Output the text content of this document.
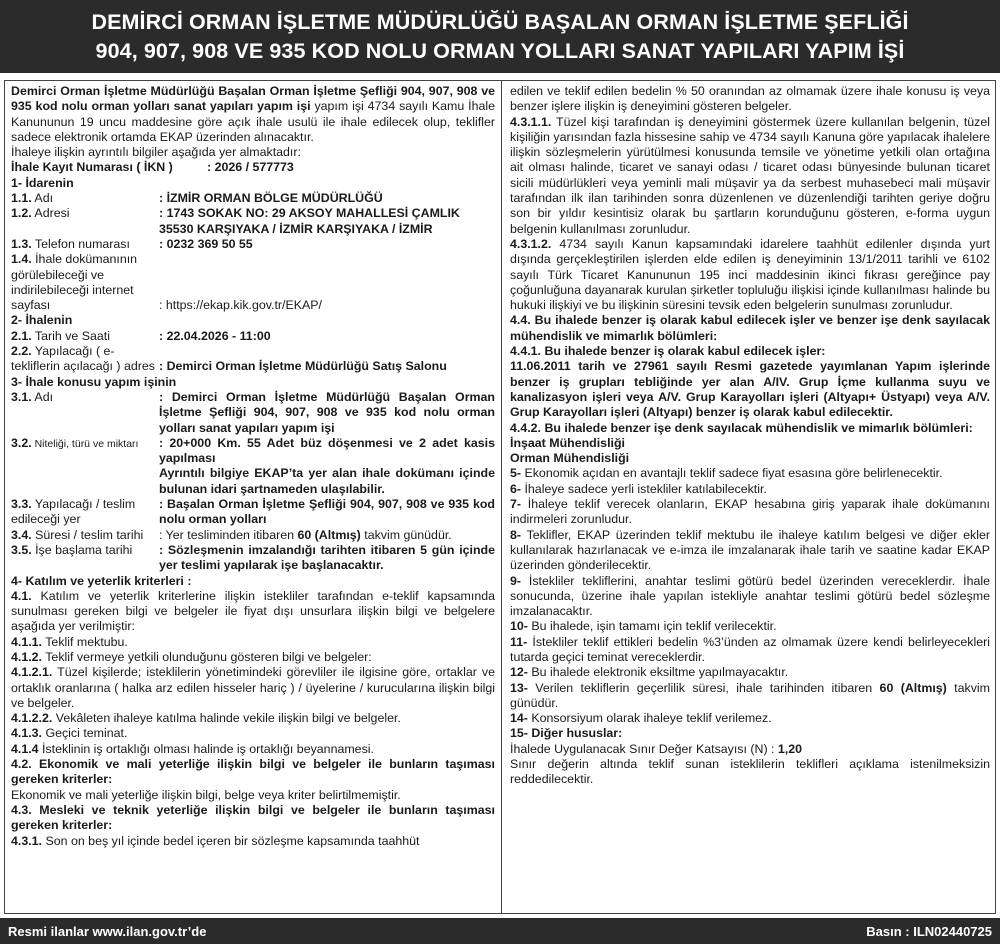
DEMİRCİ ORMAN İŞLETME MÜDÜRLÜĞÜ BAŞALAN ORMAN İŞLETME ŞEFLİĞİ
904, 907, 908 VE 935 KOD NOLU ORMAN YOLLARI SANAT YAPILARI YAPIM İŞİ

Demirci Orman İşletme Müdürlüğü Başalan Orman İşletme Şefliği 904, 907, 908 ve 935 kod nolu orman yolları sanat yapıları yapım işi yapım işi 4734 sayılı Kamu İhale Kanununun 19 uncu maddesine göre açık ihale usulü ile ihale edilecek olup, teklifler sadece elektronik ortamda EKAP üzerinden alınacaktır.

İhaleye ilişkin ayrıntılı bilgiler aşağıda yer almaktadır:

İhale Kayıt Numarası ( İKN )	: 2026 / 577773

1- İdarenin

1.1. Adı	: İZMİR ORMAN BÖLGE MÜDÜRLÜĞÜ
1.2. Adresi	: 1743 SOKAK NO: 29 AKSOY MAHALLESİ ÇAMLIK 35530 KARŞIYAKA / İZMİR KARŞIYAKA / İZMİR
1.3. Telefon numarası	: 0232 369 50 55
1.4. İhale dokümanının görülebileceği ve indirilebileceği internet sayfası	: https://ekap.kik.gov.tr/EKAP/

2- İhalenin

2.1. Tarih ve Saati	: 22.04.2026 - 11:00
2.2. Yapılacağı ( e-tekliflerin açılacağı ) adres : Demirci Orman İşletme Müdürlüğü Satış Salonu

3- İhale konusu yapım işinin

3.1. Adı	: Demirci Orman İşletme Müdürlüğü Başalan Orman İşletme Şefliği 904, 907, 908 ve 935 kod nolu orman yolları sanat yapıları yapım işi
3.2. Niteliği, türü ve miktarı	: 20+000 Km. 55 Adet büz döşenmesi ve 2 adet kasis yapılması
Ayrıntılı bilgiye EKAP’ta yer alan ihale dokümanı içinde bulunan idari şartnameden ulaşılabilir.
3.3. Yapılacağı / teslim edileceği yer
: Başalan Orman İşletme Şefliği 904, 907, 908 ve 935 kod nolu orman yolları
3.4. Süresi / teslim tarihi	: Yer tesliminden itibaren 60 (Altmış) takvim günüdür.
3.5. İşe başlama tarihi	: Sözleşmenin imzalandığı tarihten itibaren 5 gün içinde yer teslimi yapılarak işe başlanacaktır.

4- Katılım ve yeterlik kriterleri :

4.1. Katılım ve yeterlik kriterlerine ilişkin istekliler tarafından e-teklif kapsamında sunulması gereken bilgi ve belgeler ile fiyat dışı unsurlara ilişkin bilgi ve belgelere aşağıda yer verilmiştir:

4.1.1. Teklif mektubu.

4.1.2. Teklif vermeye yetkili olunduğunu gösteren bilgi ve belgeler:

4.1.2.1. Tüzel kişilerde; isteklilerin yönetimindeki görevliler ile ilgisine göre, ortaklar ve ortaklık oranlarına ( halka arz edilen hisseler hariç ) / üyelerine / kurucularına ilişkin bilgi ve belgeler.

4.1.2.2. Vekâleten ihaleye katılma halinde vekile ilişkin bilgi ve belgeler.

4.1.3. Geçici teminat.

4.1.4 İsteklinin iş ortaklığı olması halinde iş ortaklığı beyannamesi.

4.2. Ekonomik ve mali yeterliğe ilişkin bilgi ve belgeler ile bunların taşıması gereken kriterler:

Ekonomik ve mali yeterliğe ilişkin bilgi, belge veya kriter belirtilmemiştir.

4.3. Mesleki ve teknik yeterliğe ilişkin bilgi ve belgeler ile bunların taşıması gereken kriterler:

4.3.1. Son on beş yıl içinde bedel içeren bir sözleşme kapsamında taahhüt

edilen ve teklif edilen bedelin % 50 oranından az olmamak üzere ihale konusu iş veya benzer işlere ilişkin iş deneyimini gösteren belgeler.

4.3.1.1. Tüzel kişi tarafından iş deneyimini göstermek üzere kullanılan belgenin, tüzel kişiliğin yarısından fazla hissesine sahip ve 4734 sayılı Kanuna göre yapılacak ihalelere ilişkin sözleşmelerin yürütülmesi konusunda temsile ve yönetime yetkili olan ortağına ait olması halinde, ticaret ve sanayi odası / ticaret odası bünyesinde bulunan ticaret sicili müdürlükleri veya yeminli mali müşavir ya da serbest muhasebeci mali müşavir tarafından ilk ilan tarihinden sonra düzenlenen ve düzenlendiği tarihten geriye doğru son bir yıldır kesintisiz olarak bu şartların korunduğunu gösteren, e-forma uygun belgenin kullanılması zorunludur.

4.3.1.2. 4734 sayılı Kanun kapsamındaki idarelere taahhüt edilenler dışında yurt dışında gerçekleştirilen işlerden elde edilen iş deneyiminin 13/1/2011 tarihli ve 6102 sayılı Türk Ticaret Kanununun 195 inci maddesinin ikinci fıkrası gereğince pay çoğunluğuna dayanarak kurulan şirketler topluluğu ilişkisi içinde kullanılması halinde bu hukuki ilişkiyi ve bu ilişkinin süresini tevsik eden belgelerin sunulması zorunludur.

4.4. Bu ihalede benzer iş olarak kabul edilecek işler ve benzer işe denk sayılacak mühendislik ve mimarlık bölümleri:

4.4.1. Bu ihalede benzer iş olarak kabul edilecek işler:

11.06.2011 tarih ve 27961 sayılı Resmi gazetede yayımlanan Yapım işlerinde benzer iş grupları tebliğinde yer alan A/IV. Grup İçme kullanma suyu ve kanalizasyon işleri veya A/V. Grup Karayolları işleri (Altyapı+ Üstyapı) veya A/V. Grup Karayolları işleri (Altyapı) benzer iş olarak kabul edilecektir.

4.4.2. Bu ihalede benzer işe denk sayılacak mühendislik ve mimarlık bölümleri:

İnşaat Mühendisliği

Orman Mühendisliği

5- Ekonomik açıdan en avantajlı teklif sadece fiyat esasına göre belirlenecektir.

6- İhaleye sadece yerli istekliler katılabilecektir.

7- İhaleye teklif verecek olanların, EKAP hesabına giriş yaparak ihale dokümanını indirmeleri zorunludur.

8- Teklifler, EKAP üzerinden teklif mektubu ile ihaleye katılım belgesi ve diğer ekler kullanılarak hazırlanacak ve e-imza ile imzalanarak ihale tarih ve saatine kadar EKAP üzerinden gönderilecektir.

9- İstekliler tekliflerini, anahtar teslimi götürü bedel üzerinden vereceklerdir. İhale sonucunda, üzerine ihale yapılan istekliyle anahtar teslimi götürü bedel sözleşme imzalanacaktır.

10- Bu ihalede, işin tamamı için teklif verilecektir.

11- İstekliler teklif ettikleri bedelin %3’ünden az olmamak üzere kendi belirleyecekleri tutarda geçici teminat vereceklerdir.

12- Bu ihalede elektronik eksiltme yapılmayacaktır.

13- Verilen tekliflerin geçerlilik süresi, ihale tarihinden itibaren 60 (Altmış) takvim günüdür.

14- Konsorsiyum olarak ihaleye teklif verilemez.

15- Diğer hususlar:

İhalede Uygulanacak Sınır Değer Katsayısı (N) : 1,20

Sınır değerin altında teklif sunan isteklilerin teklifleri açıklama istenilmeksizin reddedilecektir.

Resmi ilanlar www.ilan.gov.tr’de	Basın : ILN02440725
